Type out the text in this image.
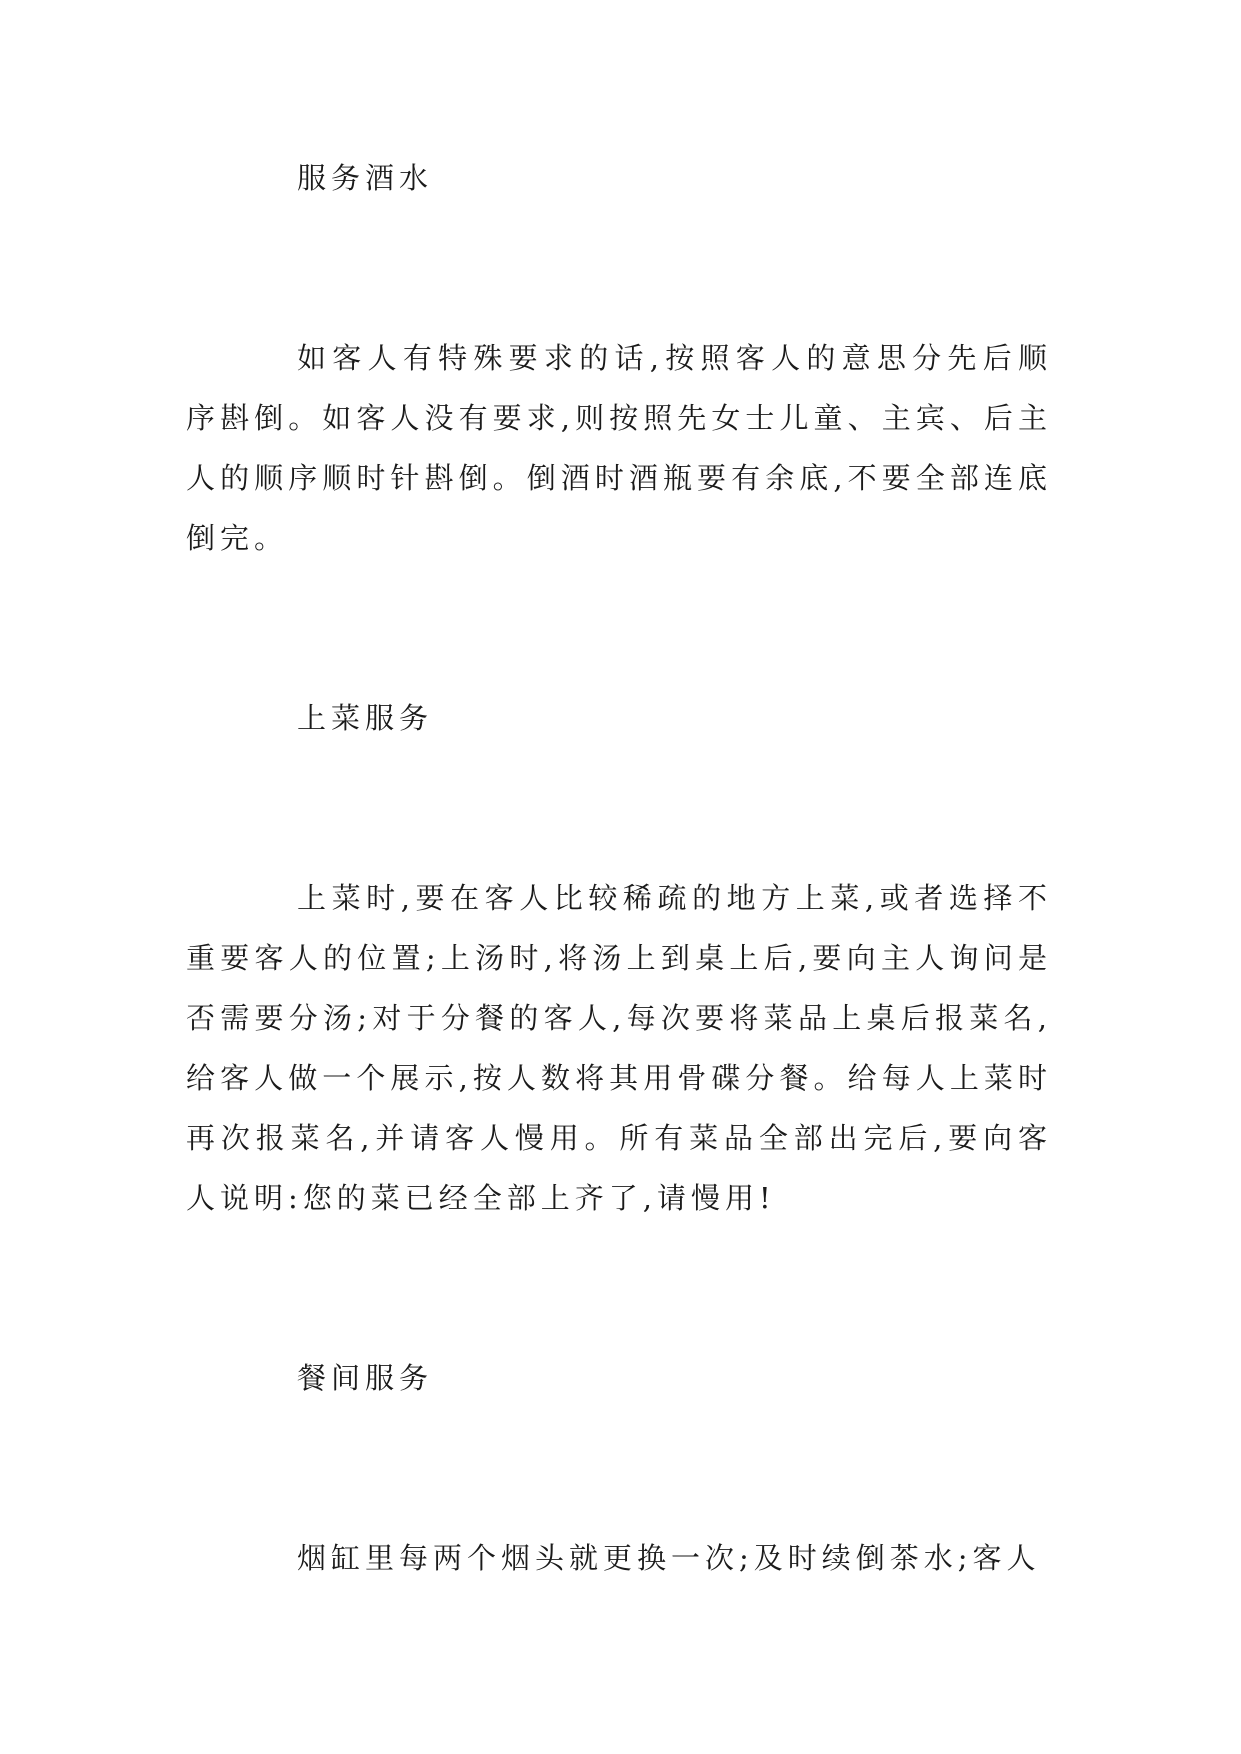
服务酒水

如客人有特殊要求的话,按照客人的意思分先后顺序斟倒。如客人没有要求,则按照先女士儿童、主宾、后主人的顺序顺时针斟倒。倒酒时酒瓶要有余底,不要全部连底倒完。

上菜服务

上菜时,要在客人比较稀疏的地方上菜,或者选择不重要客人的位置;上汤时,将汤上到桌上后,要向主人询问是否需要分汤;对于分餐的客人,每次要将菜品上桌后报菜名,给客人做一个展示,按人数将其用骨碟分餐。给每人上菜时再次报菜名,并请客人慢用。所有菜品全部出完后,要向客人说明:您的菜已经全部上齐了,请慢用!

餐间服务

烟缸里每两个烟头就更换一次;及时续倒茶水;客人
